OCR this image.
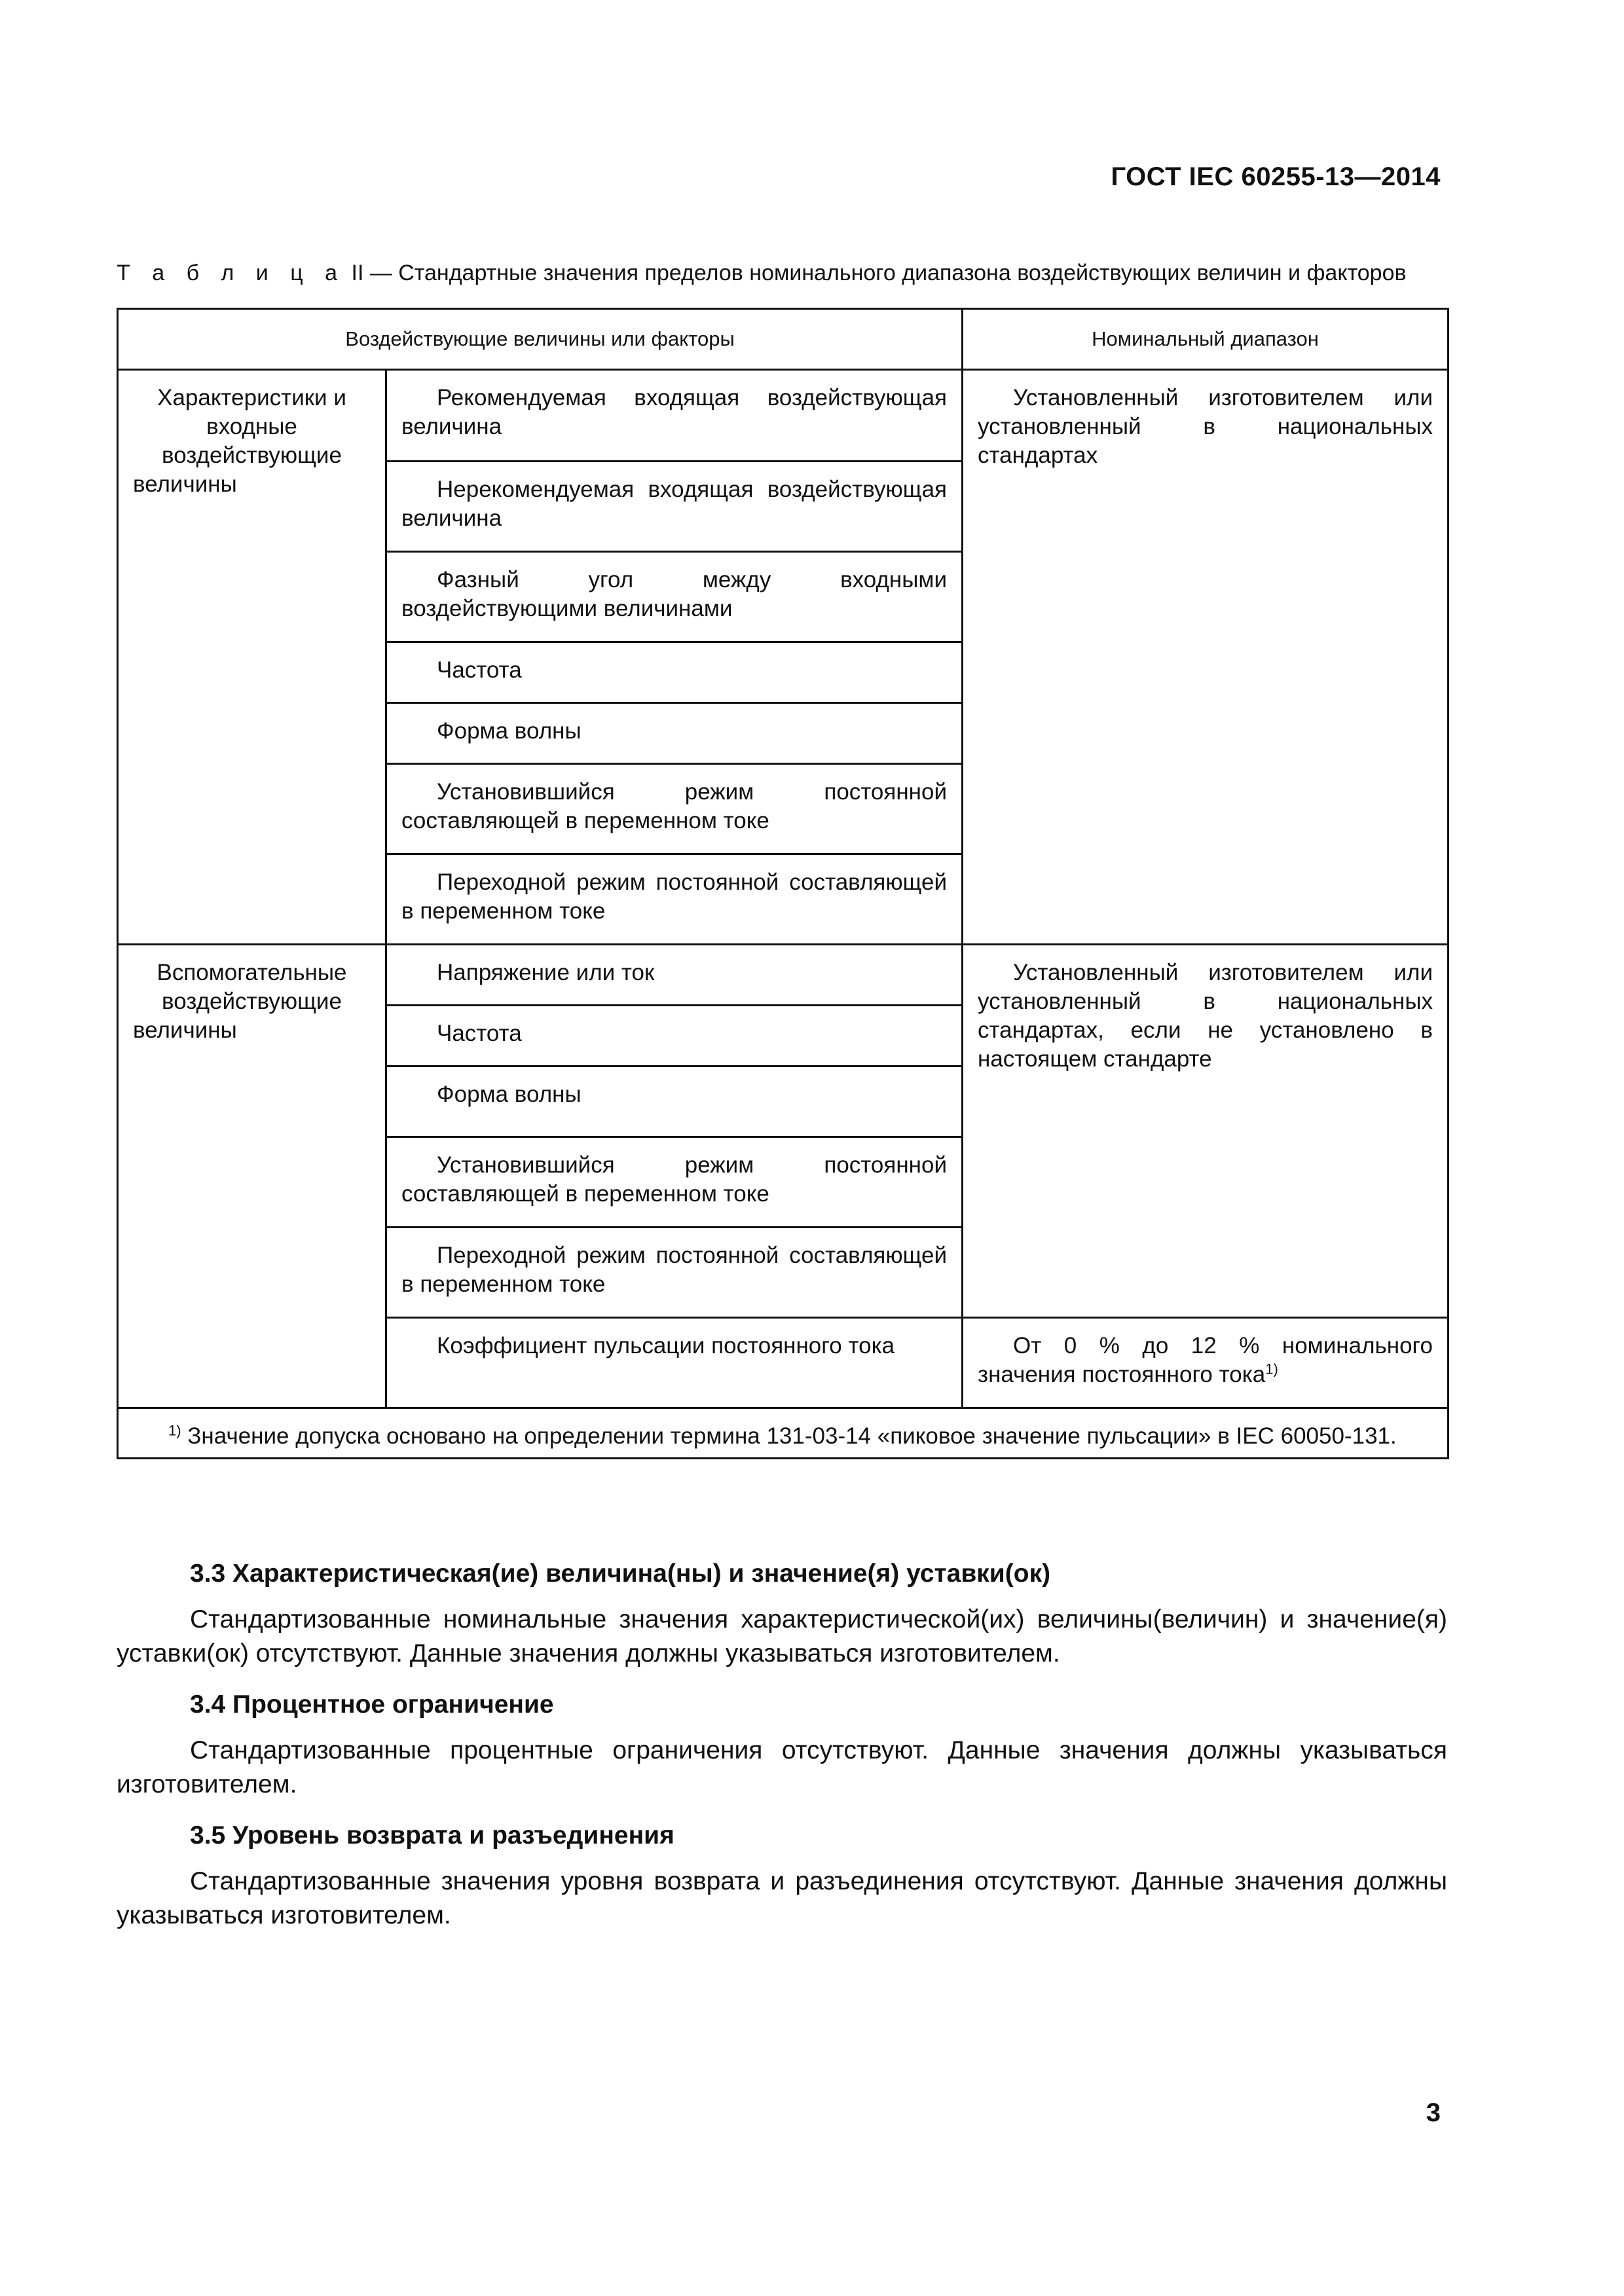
ГОСТ IEC 60255-13—2014
Т а б л и ц а II — Стандартные значения пределов номинального диапазона воздействующих величин и факторов
Воздействующие величины или факторы		Номинальный диапазон
Характеристики и входные воздействующие величины	Рекомендуемая входящая воздействующая величина	Установленный изготовителем или установленный в национальных стандартах
	Нерекомендуемая входящая воздействующая величина	
	Фазный угол между входными воздействующими величинами	
	Частота	
	Форма волны	
	Установившийся режим постоянной составляющей в переменном токе	
	Переходной режим постоянной составляющей в переменном токе	
Вспомогательные воздействующие величины	Напряжение или ток	Установленный изготовителем или установленный в национальных стандартах, если не установлено в настоящем стандарте
	Частота	
	Форма волны	
	Установившийся режим постоянной составляющей в переменном токе	
	Переходной режим постоянной составляющей в переменном токе	
	Коэффициент пульсации постоянного тока	От 0 % до 12 % номинального значения постоянного тока$^{1)}$
$^{1)}$ Значение допуска основано на определении термина 131-03-14 «пиковое значение пульсации» в IEC 60050-131.		
3.3 Характеристическая(ие) величина(ны) и значение(я) уставки(ок)

Стандартизованные номинальные значения характеристической(их) величины(величин) и значение(я) уставки(ок) отсутствуют. Данные значения должны указываться изготовителем.

3.4 Процентное ограничение

Стандартизованные процентные ограничения отсутствуют. Данные значения должны указываться изготовителем.

3.5 Уровень возврата и разъединения

Стандартизованные значения уровня возврата и разъединения отсутствуют. Данные значения должны указываться изготовителем.

3
